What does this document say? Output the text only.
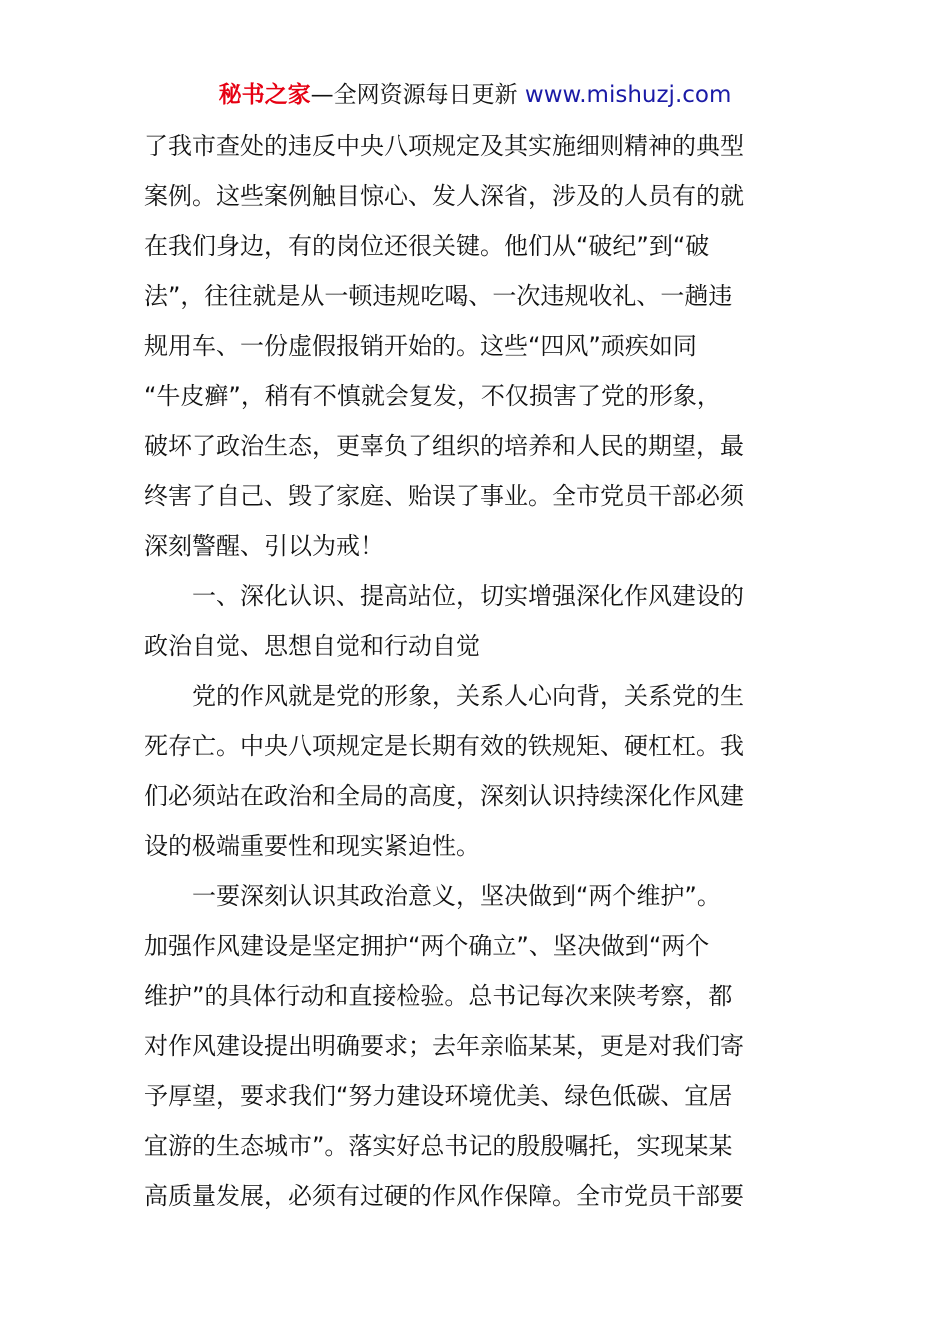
秘书之家—全网资源每日更新 www.mishuzj.com
了我市查处的违反中央八项规定及其实施细则精神的典型
案例。这些案例触目惊心、发人深省，涉及的人员有的就
在我们身边，有的岗位还很关键。他们从“破纪”到“破
法”，往往就是从一顿违规吃喝、一次违规收礼、一趟违
规用车、一份虚假报销开始的。这些“四风”顽疾如同
“牛皮癣”，稍有不慎就会复发，不仅损害了党的形象，
破坏了政治生态，更辜负了组织的培养和人民的期望，最
终害了自己、毁了家庭、贻误了事业。全市党员干部必须
深刻警醒、引以为戒！
一、深化认识、提高站位，切实增强深化作风建设的
政治自觉、思想自觉和行动自觉
党的作风就是党的形象，关系人心向背，关系党的生
死存亡。中央八项规定是长期有效的铁规矩、硬杠杠。我
们必须站在政治和全局的高度，深刻认识持续深化作风建
设的极端重要性和现实紧迫性。
一要深刻认识其政治意义，坚决做到“两个维护”。
加强作风建设是坚定拥护“两个确立”、坚决做到“两个
维护”的具体行动和直接检验。总书记每次来陕考察，都
对作风建设提出明确要求；去年亲临某某，更是对我们寄
予厚望，要求我们“努力建设环境优美、绿色低碳、宜居
宜游的生态城市”。落实好总书记的殷殷嘱托，实现某某
高质量发展，必须有过硬的作风作保障。全市党员干部要
